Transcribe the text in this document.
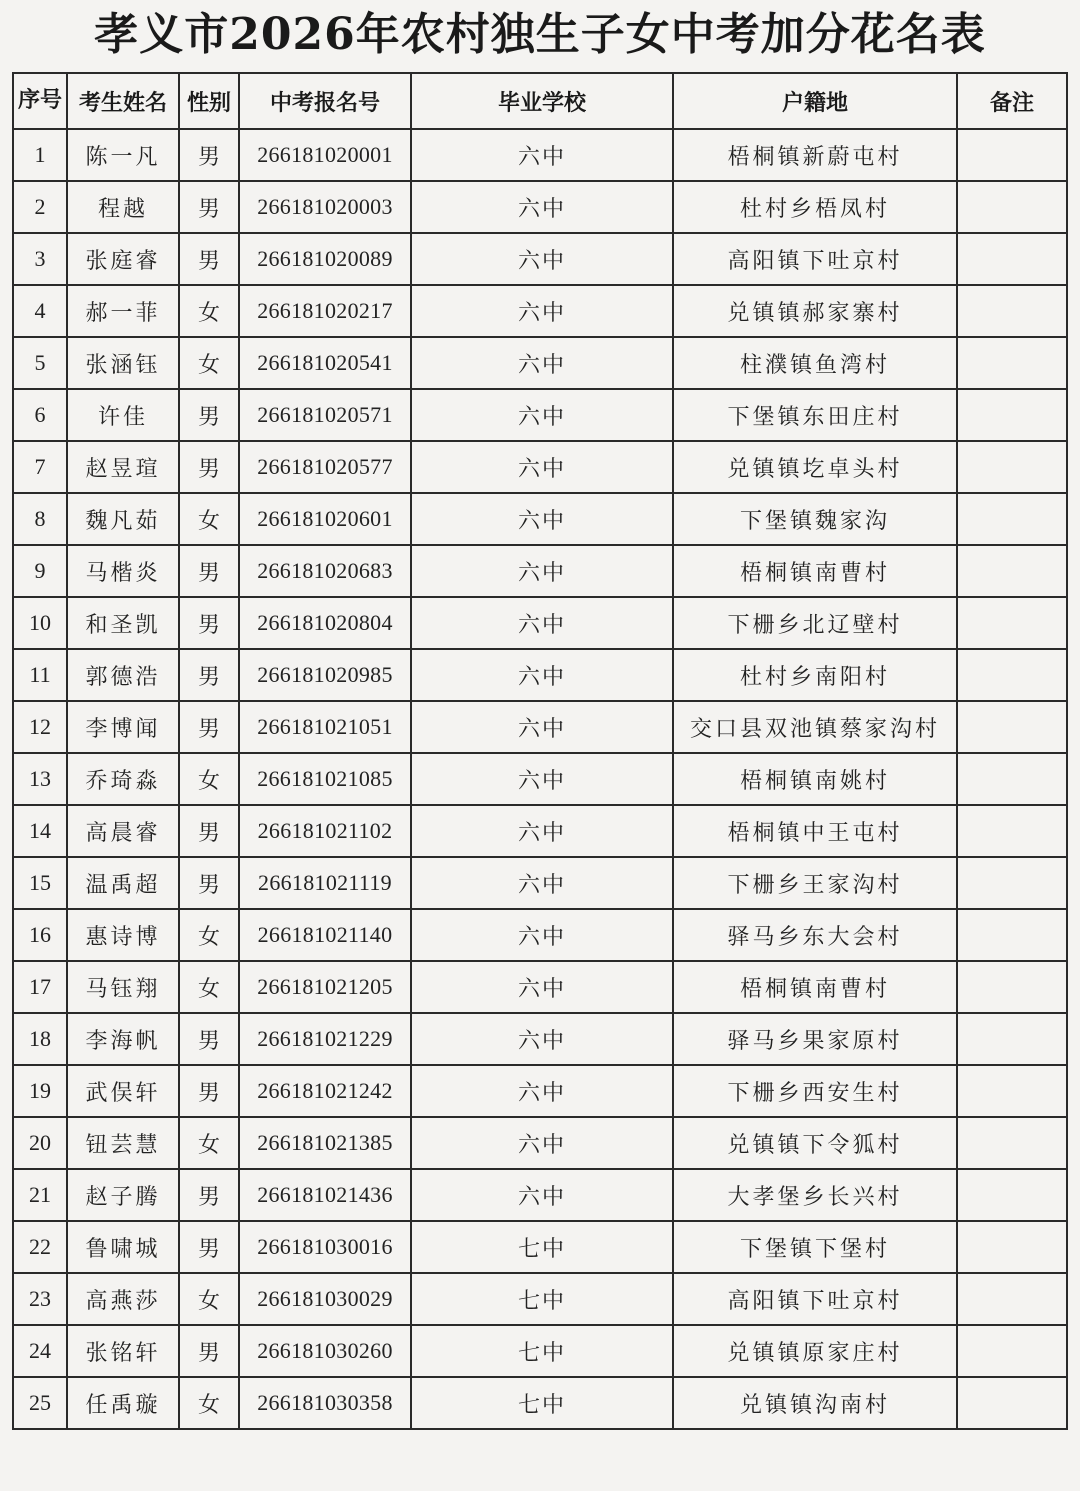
孝义市2026年农村独生子女中考加分花名表
序号	考生姓名	性别	中考报名号	毕业学校	户籍地	备注
1	陈一凡	男	266181020001	六中	梧桐镇新蔚屯村	
2	程越	男	266181020003	六中	杜村乡梧凤村	
3	张庭睿	男	266181020089	六中	高阳镇下吐京村	
4	郝一菲	女	266181020217	六中	兑镇镇郝家寨村	
5	张涵钰	女	266181020541	六中	柱濮镇鱼湾村	
6	许佳	男	266181020571	六中	下堡镇东田庄村	
7	赵昱瑄	男	266181020577	六中	兑镇镇圪卓头村	
8	魏凡茹	女	266181020601	六中	下堡镇魏家沟	
9	马楷炎	男	266181020683	六中	梧桐镇南曹村	
10	和圣凯	男	266181020804	六中	下栅乡北辽壁村	
11	郭德浩	男	266181020985	六中	杜村乡南阳村	
12	李博闻	男	266181021051	六中	交口县双池镇蔡家沟村	
13	乔琦淼	女	266181021085	六中	梧桐镇南姚村	
14	高晨睿	男	266181021102	六中	梧桐镇中王屯村	
15	温禹超	男	266181021119	六中	下栅乡王家沟村	
16	惠诗博	女	266181021140	六中	驿马乡东大会村	
17	马钰翔	女	266181021205	六中	梧桐镇南曹村	
18	李海帆	男	266181021229	六中	驿马乡果家原村	
19	武俣轩	男	266181021242	六中	下栅乡西安生村	
20	钮芸慧	女	266181021385	六中	兑镇镇下令狐村	
21	赵子腾	男	266181021436	六中	大孝堡乡长兴村	
22	鲁啸城	男	266181030016	七中	下堡镇下堡村	
23	高燕莎	女	266181030029	七中	高阳镇下吐京村	
24	张铭轩	男	266181030260	七中	兑镇镇原家庄村	
25	任禹璇	女	266181030358	七中	兑镇镇沟南村	
